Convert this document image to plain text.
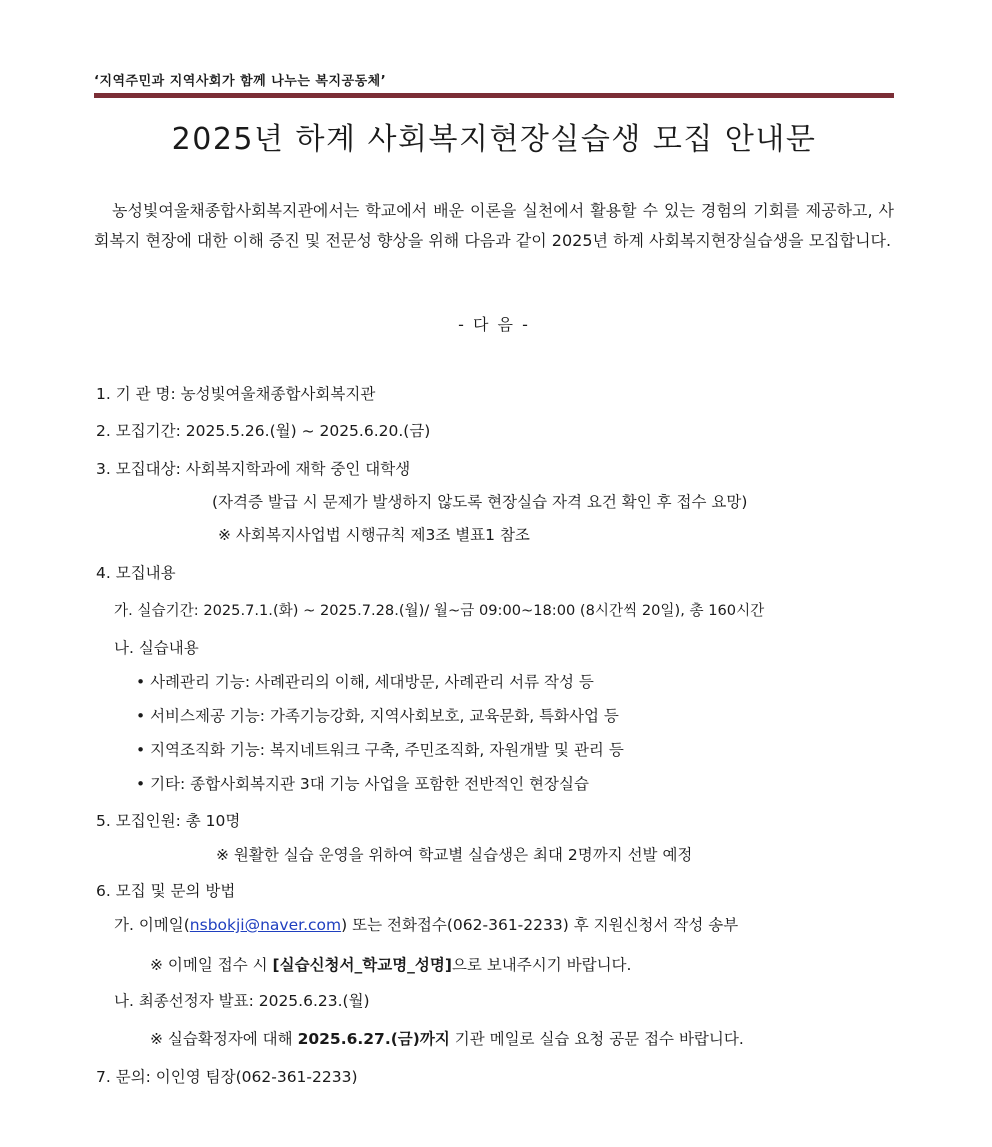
‘지역주민과 지역사회가 함께 나누는 복지공동체’
2025년 하계 사회복지현장실습생 모집 안내문
농성빛여울채종합사회복지관에서는 학교에서 배운 이론을 실천에서 활용할 수 있는 경험의 기회를 제공하고, 사회복지 현장에 대한 이해 증진 및 전문성 향상을 위해 다음과 같이 2025년 하계 사회복지현장실습생을 모집합니다.
- 다 음 -
1. 기 관 명: 농성빛여울채종합사회복지관
2. 모집기간: 2025.5.26.(월) ~ 2025.6.20.(금)
3. 모집대상: 사회복지학과에 재학 중인 대학생
(자격증 발급 시 문제가 발생하지 않도록 현장실습 자격 요건 확인 후 접수 요망)
※ 사회복지사업법 시행규칙 제3조 별표1 참조
4. 모집내용
가. 실습기간: 2025.7.1.(화) ~ 2025.7.28.(월)/ 월~금 09:00~18:00 (8시간씩 20일), 총 160시간
나. 실습내용
• 사례관리 기능: 사례관리의 이해, 세대방문, 사례관리 서류 작성 등
• 서비스제공 기능: 가족기능강화, 지역사회보호, 교육문화, 특화사업 등
• 지역조직화 기능: 복지네트워크 구축, 주민조직화, 자원개발 및 관리 등
• 기타: 종합사회복지관 3대 기능 사업을 포함한 전반적인 현장실습
5. 모집인원: 총 10명
※ 원활한 실습 운영을 위하여 학교별 실습생은 최대 2명까지 선발 예정
6. 모집 및 문의 방법
가. 이메일(nsbokji@naver.com) 또는 전화접수(062-361-2233) 후 지원신청서 작성 송부
※ 이메일 접수 시 [실습신청서_학교명_성명]으로 보내주시기 바랍니다.
나. 최종선정자 발표: 2025.6.23.(월)
※ 실습확정자에 대해 2025.6.27.(금)까지 기관 메일로 실습 요청 공문 접수 바랍니다.
7. 문의: 이인영 팀장(062-361-2233)
